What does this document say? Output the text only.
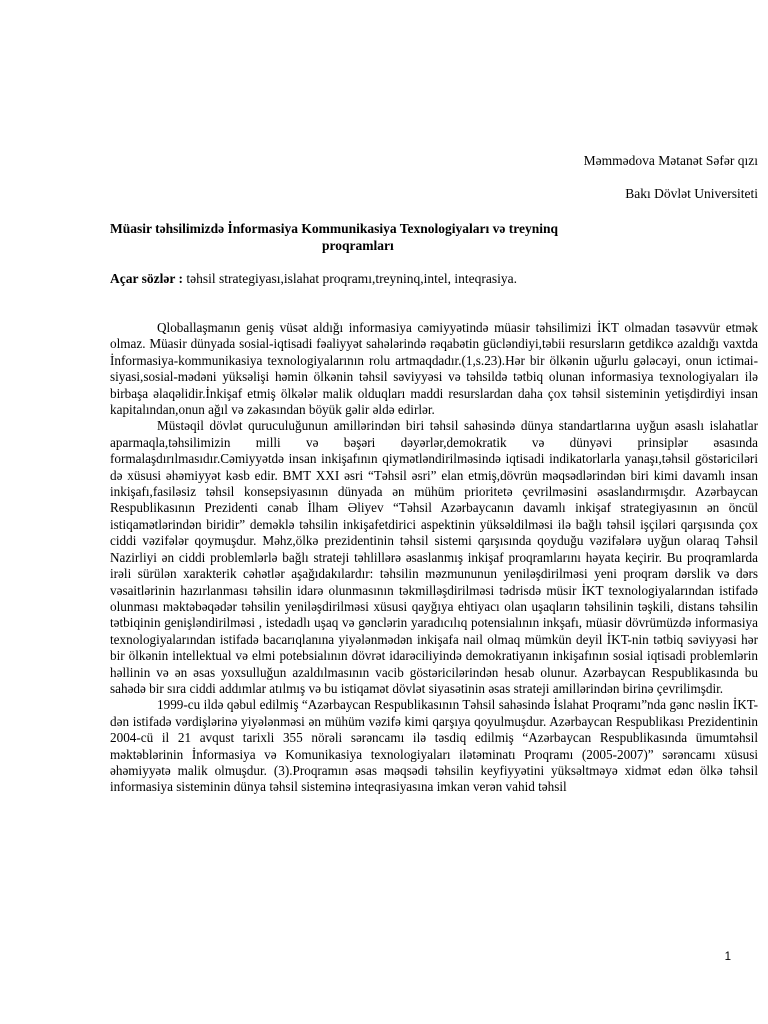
Məmmədova Mətanət Səfər qızı
Bakı Dövlət Universiteti
Müasir təhsilimizdə İnformasiya Kommunikasiya Texnologiyaları və treyninq
proqramları
Açar sözlər : təhsil strategiyası,islahat proqramı,treyninq,intel, inteqrasiya.

Qloballaşmanın geniş vüsət aldığı informasiya cəmiyyətində müasir təhsilimizi İKT olmadan təsəvvür etmək olmaz. Müasir dünyada sosial-iqtisadi fəaliyyət sahələrində rəqabətin gücləndiyi,təbii resursların getdikcə azaldığı vaxtda İnformasiya-kommunikasiya texnologiyalarının rolu artmaqdadır.(1,s.23).Hər bir ölkənin uğurlu gələcəyi, onun ictimai-siyasi,sosial-mədəni yüksəlişi həmin ölkənin təhsil səviyyəsi və təhsildə tətbiq olunan informasiya texnologiyaları ilə birbaşa əlaqəlidir.İnkişaf etmiş ölkələr malik olduqları maddi resurslardan daha çox təhsil sisteminin yetişdirdiyi insan kapitalından,onun ağıl və zəkasından böyük gəlir əldə edirlər.

Müstəqil dövlət quruculuğunun amillərindən biri təhsil sahəsində dünya standartlarına uyğun əsaslı islahatlar aparmaqla,təhsilimizin milli və bəşəri dəyərlər,demokratik və dünyəvi prinsiplər əsasında formalaşdırılmasıdır.Cəmiyyətdə insan inkişafının qiymətləndirilməsində iqtisadi indikatorlarla yanaşı,təhsil göstəriciləri də xüsusi əhəmiyyət kəsb edir. BMT XXI əsri “Təhsil əsri” elan etmiş,dövrün məqsədlərindən biri kimi davamlı insan inkişafı,fasiləsiz təhsil konsepsiyasının dünyada ən mühüm prioritetə çevrilməsini əsaslandırmışdır. Azərbaycan Respublikasının Prezidenti cənab İlham Əliyev “Təhsil Azərbaycanın davamlı inkişaf strategiyasının ən öncül istiqamətlərindən biridir” deməklə təhsilin inkişafetdirici aspektinin yüksəldilməsi ilə bağlı təhsil işçiləri qarşısında çox ciddi vəzifələr qoymuşdur. Məhz,ölkə prezidentinin təhsil sistemi qarşısında qoyduğu vəzifələrə uyğun olaraq Təhsil Nazirliyi ən ciddi problemlərlə bağlı strateji təhlillərə əsaslanmış inkişaf proqramlarını həyata keçirir. Bu proqramlarda irəli sürülən xarakterik cəhətlər aşağıdakılardır: təhsilin məzmununun yeniləşdirilməsi yeni proqram dərslik və dərs vəsaitlərinin hazırlanması təhsilin idarə olunmasının təkmilləşdirilməsi tədrisdə müsir İKT texnologiyalarından istifadə olunması məktəbəqədər təhsilin yeniləşdirilməsi xüsusi qayğıya ehtiyacı olan uşaqların təhsilinin təşkili, distans təhsilin tətbiqinin genişləndirilməsi , istedadlı uşaq və gənclərin yaradıcılıq potensialının inkşafı, müasir dövrümüzdə informasiya texnologiyalarından istifadə bacarıqlanına yiyələnmədən inkişafa nail olmaq mümkün deyil İKT-nin tətbiq səviyyəsi hər bir ölkənin intellektual və elmi potebsialının dövrət idarəciliyində demokratiyanın inkişafının sosial iqtisadi problemlərin həllinin və ən əsas yoxsulluğun azaldılmasının vacib göstəricilərindən hesab olunur. Azərbaycan Respublikasında bu sahədə bir sıra ciddi addımlar atılmış və bu istiqamət dövlət siyasətinin əsas strateji amillərindən birinə çevrilimşdir.

1999-cu ildə qəbul edilmiş “Azərbaycan Respublikasının Təhsil sahəsində İslahat Proqramı”nda gənc nəslin İKT-dən istifadə vərdişlərinə yiyələnməsi ən mühüm vəzifə kimi qarşıya qoyulmuşdur. Azərbaycan Respublikası Prezidentinin 2004-cü il 21 avqust tarixli 355 nörəli sərəncamı ilə təsdiq edilmiş “Azərbaycan Respublikasında ümumtəhsil məktəblərinin İnformasiya və Komunikasiya texnologiyaları ilətəminatı Proqramı (2005-2007)” sərəncamı xüsusi əhəmiyyətə malik olmuşdur. (3).Proqramın əsas məqsədi təhsilin keyfiyyətini yüksəltməyə xidmət edən ölkə təhsil informasiya sisteminin dünya təhsil sisteminə inteqrasiyasına imkan verən vahid təhsil

1
